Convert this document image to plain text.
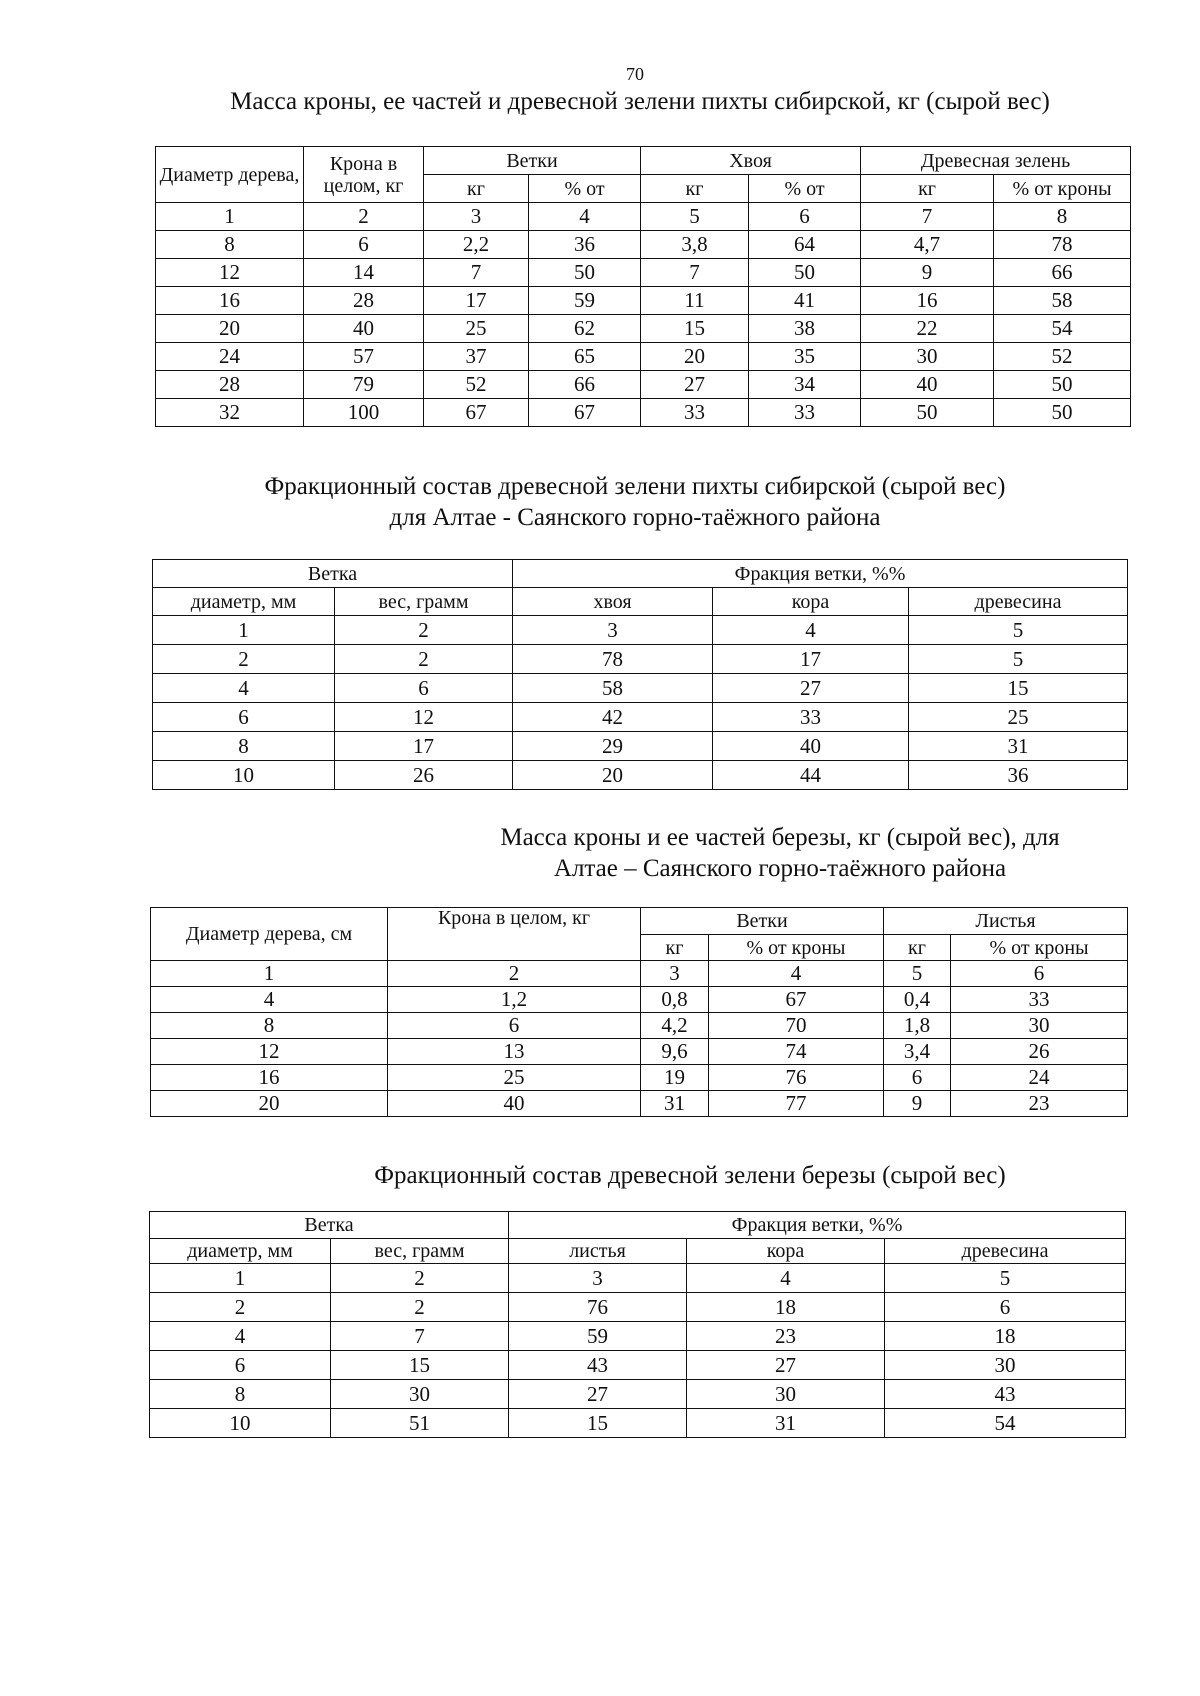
70
Масса кроны, ее частей и древесной зелени пихты сибирской, кг (сырой вес)
Диаметр дерева,	Крона в целом, кг	Ветки		Хвоя		Древесная зелень	
		кг	% от	кг	% от	кг	% от кроны
1	2	3	4	5	6	7	8
8	6	2,2	36	3,8	64	4,7	78
12	14	7	50	7	50	9	66
16	28	17	59	11	41	16	58
20	40	25	62	15	38	22	54
24	57	37	65	20	35	30	52
28	79	52	66	27	34	40	50
32	100	67	67	33	33	50	50
Фракционный состав древесной зелени пихты сибирской (сырой вес)
для Алтае - Саянского горно-таёжного района
Ветка		Фракция ветки, %%		
диаметр, мм	вес, грамм	хвоя	кора	древесина
1	2	3	4	5
2	2	78	17	5
4	6	58	27	15
6	12	42	33	25
8	17	29	40	31
10	26	20	44	36
Масса кроны и ее частей березы, кг (сырой вес), для
Алтае – Саянского горно-таёжного района
Диаметр дерева, см	Крона в целом, кг	Ветки		Листья	
		кг	% от кроны	кг	% от кроны
1	2	3	4	5	6
4	1,2	0,8	67	0,4	33
8	6	4,2	70	1,8	30
12	13	9,6	74	3,4	26
16	25	19	76	6	24
20	40	31	77	9	23
Фракционный состав древесной зелени березы (сырой вес)
Ветка		Фракция ветки, %%		
диаметр, мм	вес, грамм	листья	кора	древесина
1	2	3	4	5
2	2	76	18	6
4	7	59	23	18
6	15	43	27	30
8	30	27	30	43
10	51	15	31	54
